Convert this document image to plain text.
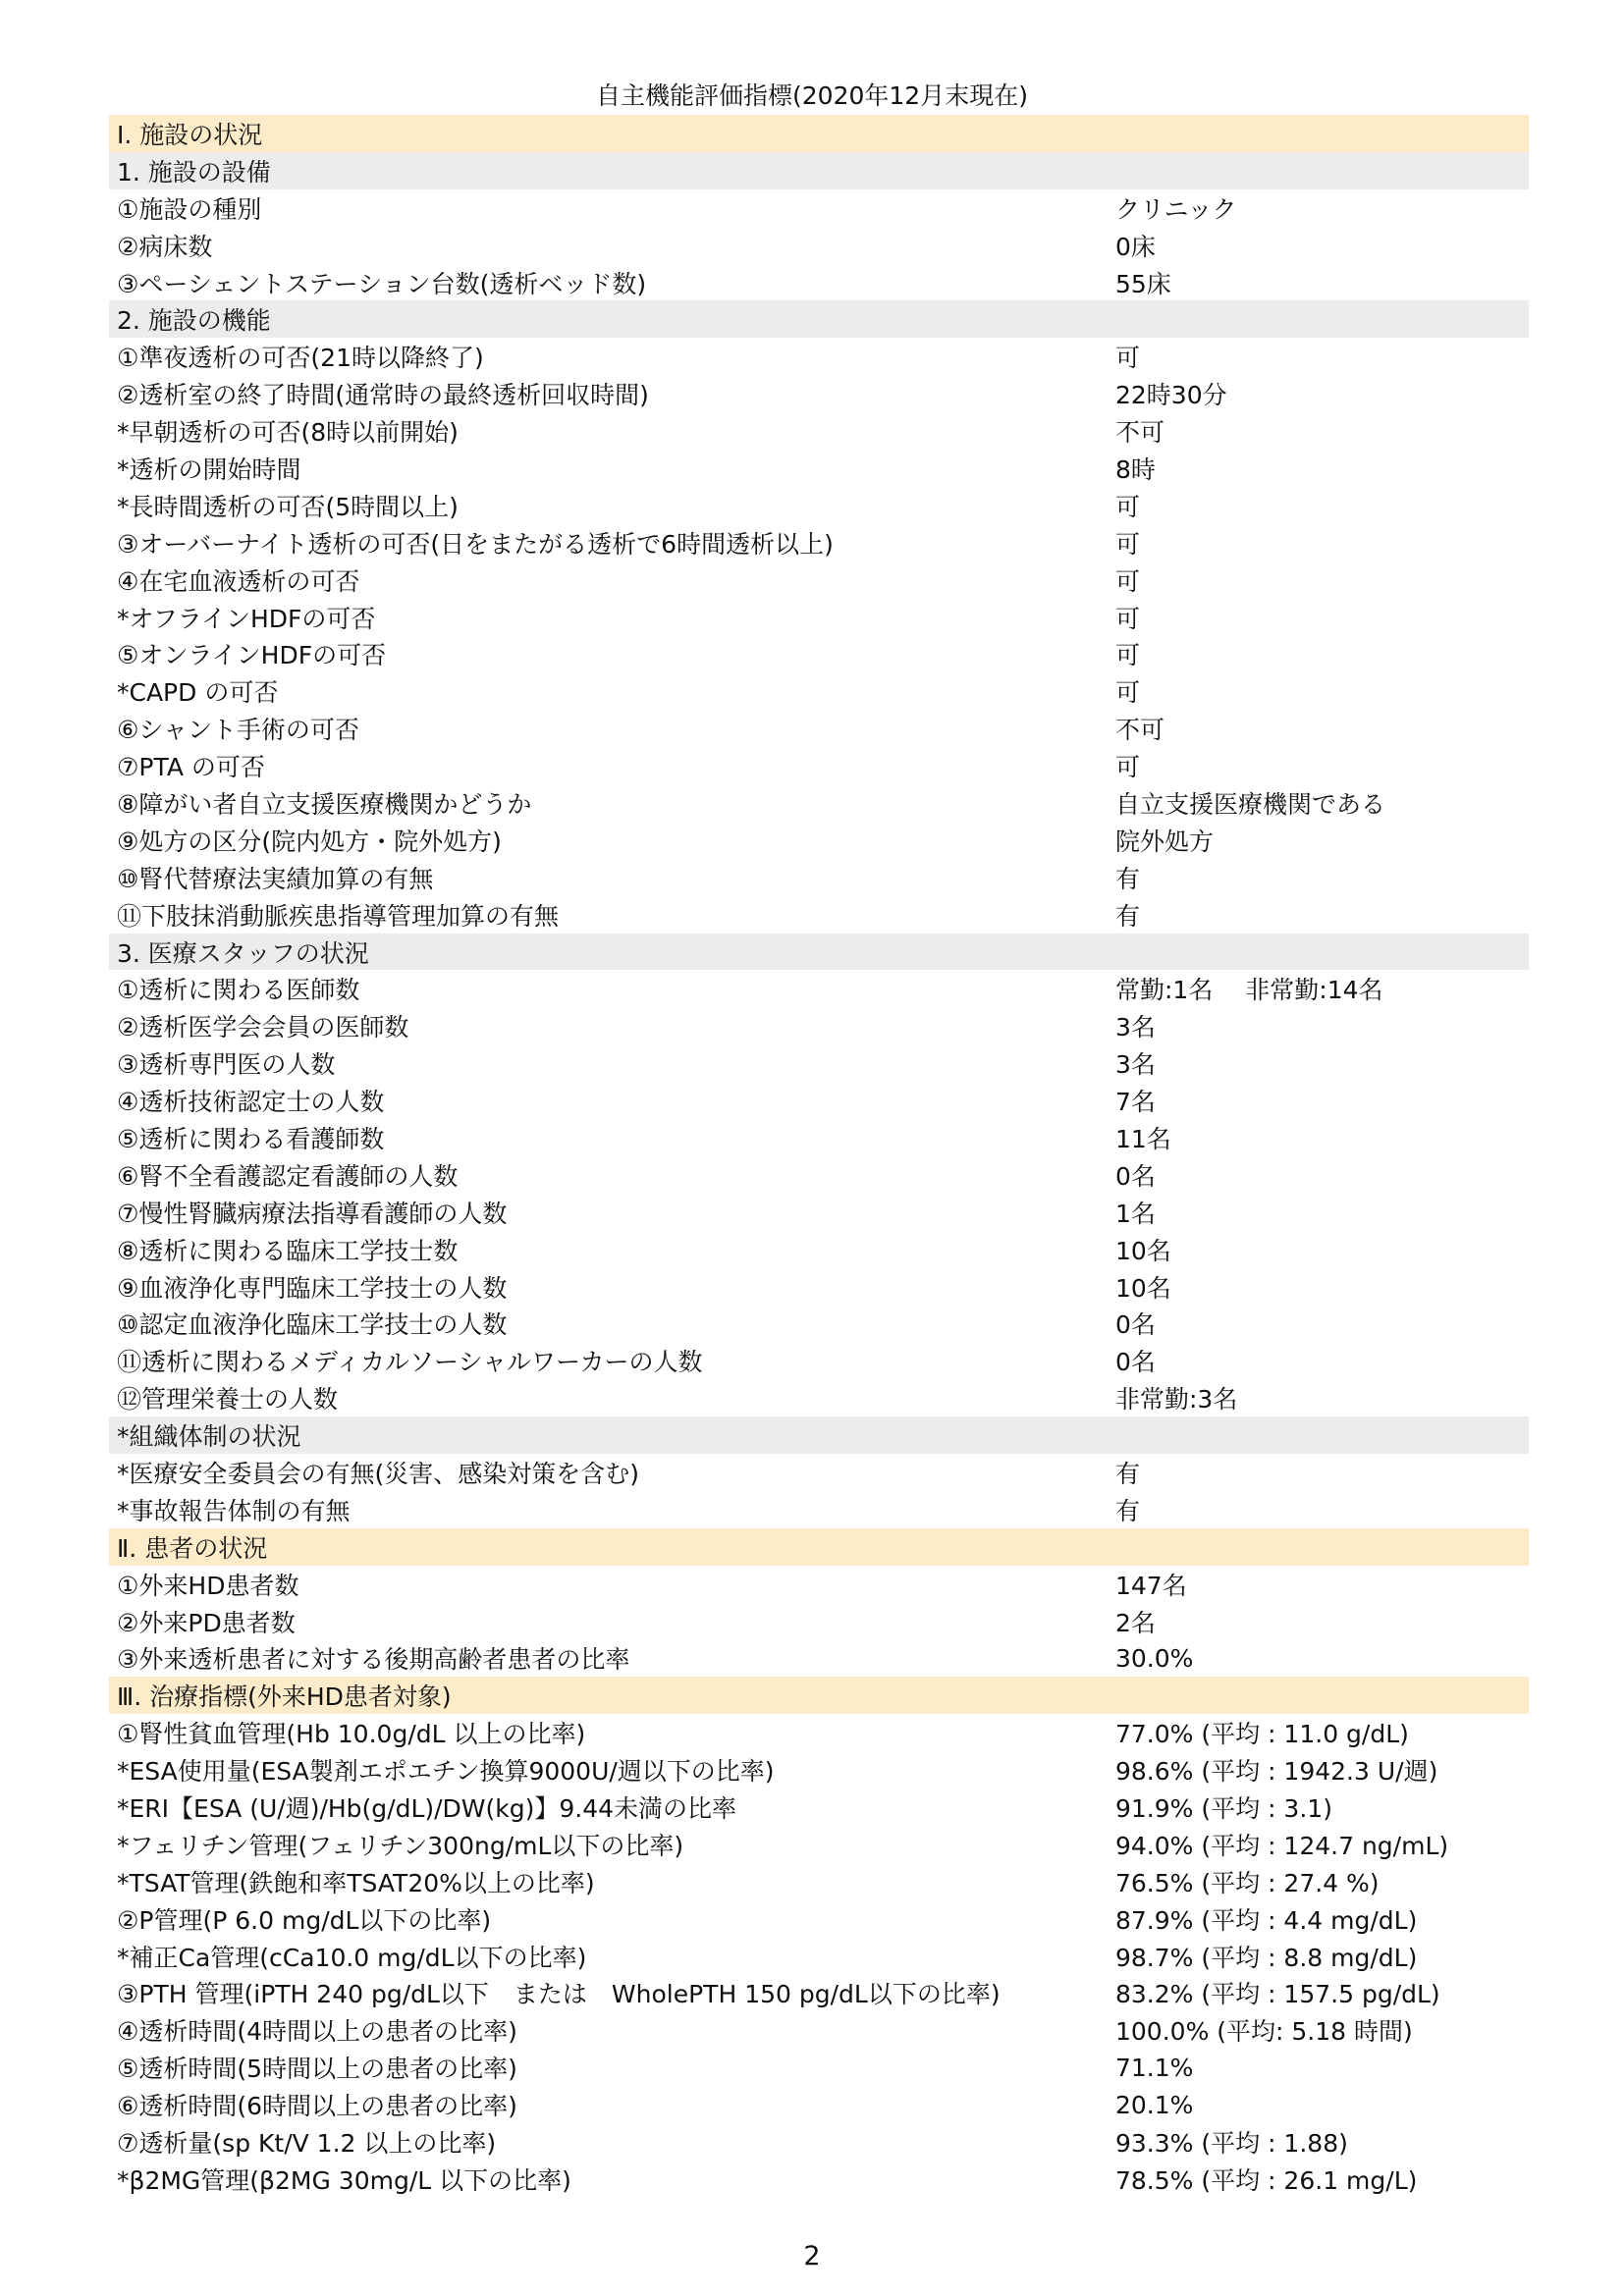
自主機能評価指標(2020年12月末現在)
Ⅰ. 施設の状況
1. 施設の設備
①施設の種別	クリニック
②病床数	0床
③ペーシェントステーション台数(透析ベッド数)	55床
2. 施設の機能
①準夜透析の可否(21時以降終了)	可
②透析室の終了時間(通常時の最終透析回収時間)	22時30分
*早朝透析の可否(8時以前開始)	不可
*透析の開始時間	8時
*長時間透析の可否(5時間以上)	可
③オーバーナイト透析の可否(日をまたがる透析で6時間透析以上)	可
④在宅血液透析の可否	可
*オフラインHDFの可否	可
⑤オンラインHDFの可否	可
*CAPD の可否	可
⑥シャント手術の可否	不可
⑦PTA の可否	可
⑧障がい者自立支援医療機関かどうか	自立支援医療機関である
⑨処方の区分(院内処方・院外処方)	院外処方
⑩腎代替療法実績加算の有無	有
⑪下肢抹消動脈疾患指導管理加算の有無	有
3. 医療スタッフの状況
①透析に関わる医師数	常勤:1名　 非常勤:14名
②透析医学会会員の医師数	3名
③透析専門医の人数	3名
④透析技術認定士の人数	7名
⑤透析に関わる看護師数	11名
⑥腎不全看護認定看護師の人数	0名
⑦慢性腎臓病療法指導看護師の人数	1名
⑧透析に関わる臨床工学技士数	10名
⑨血液浄化専門臨床工学技士の人数	10名
⑩認定血液浄化臨床工学技士の人数	0名
⑪透析に関わるメディカルソーシャルワーカーの人数	0名
⑫管理栄養士の人数	非常勤:3名
*組織体制の状況
*医療安全委員会の有無(災害、感染対策を含む)	有
*事故報告体制の有無	有
Ⅱ. 患者の状況
①外来HD患者数	147名
②外来PD患者数	2名
③外来透析患者に対する後期高齢者患者の比率	30.0%
Ⅲ. 治療指標(外来HD患者対象)
①腎性貧血管理(Hb 10.0g/dL 以上の比率)	77.0% (平均 : 11.0 g/dL)
*ESA使用量(ESA製剤エポエチン換算9000U/週以下の比率)	98.6% (平均 : 1942.3 U/週)
*ERI【ESA (U/週)/Hb(g/dL)/DW(kg)】9.44未満の比率	91.9% (平均 : 3.1)
*フェリチン管理(フェリチン300ng/mL以下の比率)	94.0% (平均 : 124.7 ng/mL)
*TSAT管理(鉄飽和率TSAT20%以上の比率)	76.5% (平均 : 27.4 %)
②P管理(P 6.0 mg/dL以下の比率)	87.9% (平均 : 4.4 mg/dL)
*補正Ca管理(cCa10.0 mg/dL以下の比率)	98.7% (平均 : 8.8 mg/dL)
③PTH 管理(iPTH 240 pg/dL以下　または　WholePTH 150 pg/dL以下の比率)	83.2% (平均 : 157.5 pg/dL)
④透析時間(4時間以上の患者の比率)	100.0% (平均: 5.18 時間)
⑤透析時間(5時間以上の患者の比率)	71.1%
⑥透析時間(6時間以上の患者の比率)	20.1%
⑦透析量(sp Kt/V 1.2 以上の比率)	93.3% (平均 : 1.88)
*β2MG管理(β2MG 30mg/L 以下の比率)	78.5% (平均 : 26.1 mg/L)
2
